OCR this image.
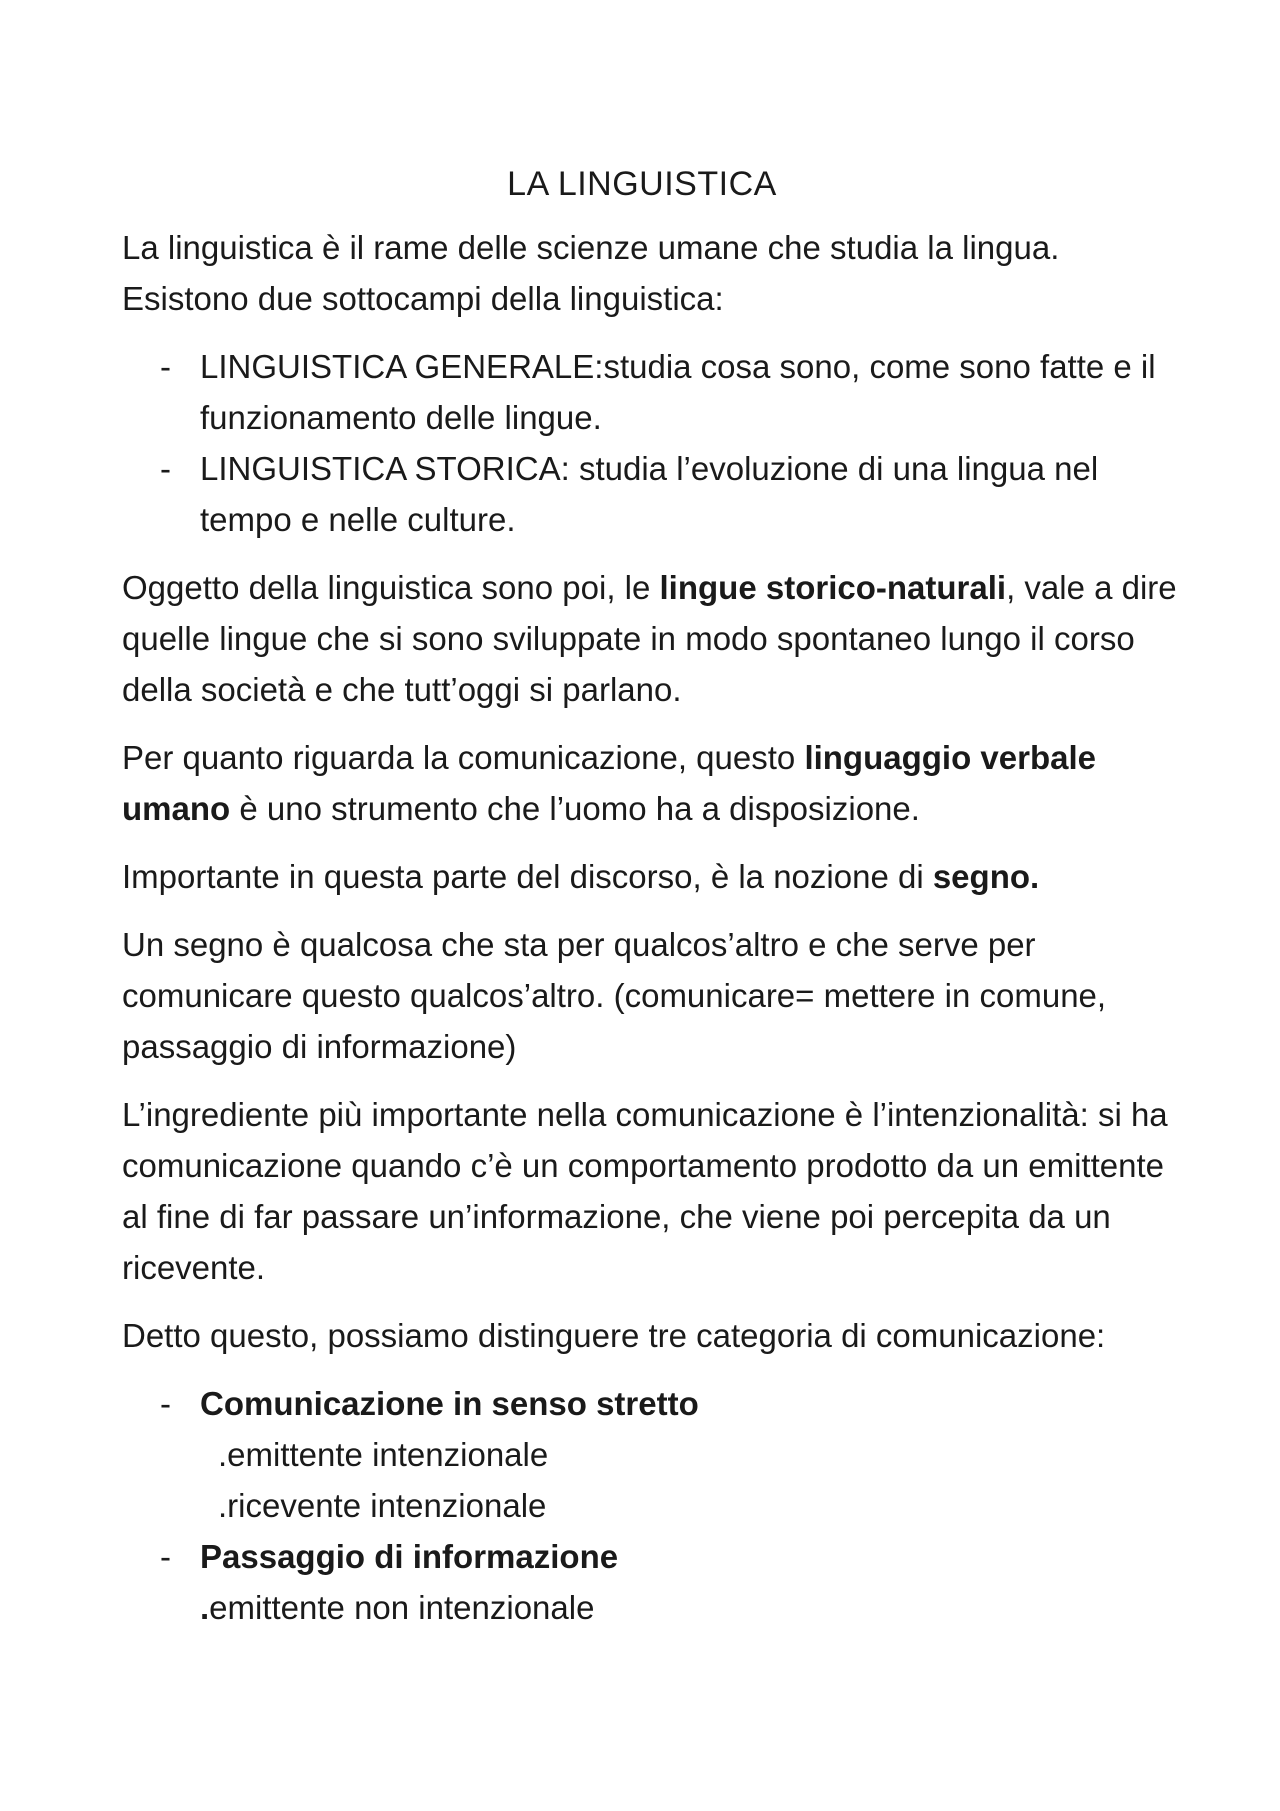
LA LINGUISTICA

La linguistica è il rame delle scienze umane che studia la lingua.
Esistono due sottocampi della linguistica:

- LINGUISTICA GENERALE:studia cosa sono, come sono fatte e il funzionamento delle lingue.
- LINGUISTICA STORICA: studia l’evoluzione di una lingua nel tempo e nelle culture.

Oggetto della linguistica sono poi, le lingue storico-naturali, vale a dire quelle lingue che si sono sviluppate in modo spontaneo lungo il corso della società e che tutt’oggi si parlano.

Per quanto riguarda la comunicazione, questo linguaggio verbale umano è uno strumento che l’uomo ha a disposizione.

Importante in questa parte del discorso, è la nozione di segno.

Un segno è qualcosa che sta per qualcos’altro e che serve per comunicare questo qualcos’altro. (comunicare= mettere in comune, passaggio di informazione)

L’ingrediente più importante nella comunicazione è l’intenzionalità: si ha comunicazione quando c’è un comportamento prodotto da un emittente al fine di far passare un’informazione, che viene poi percepita da un ricevente.

Detto questo, possiamo distinguere tre categoria di comunicazione:

- Comunicazione in senso stretto
.emittente intenzionale
.ricevente intenzionale
- Passaggio di informazione
.emittente non intenzionale
